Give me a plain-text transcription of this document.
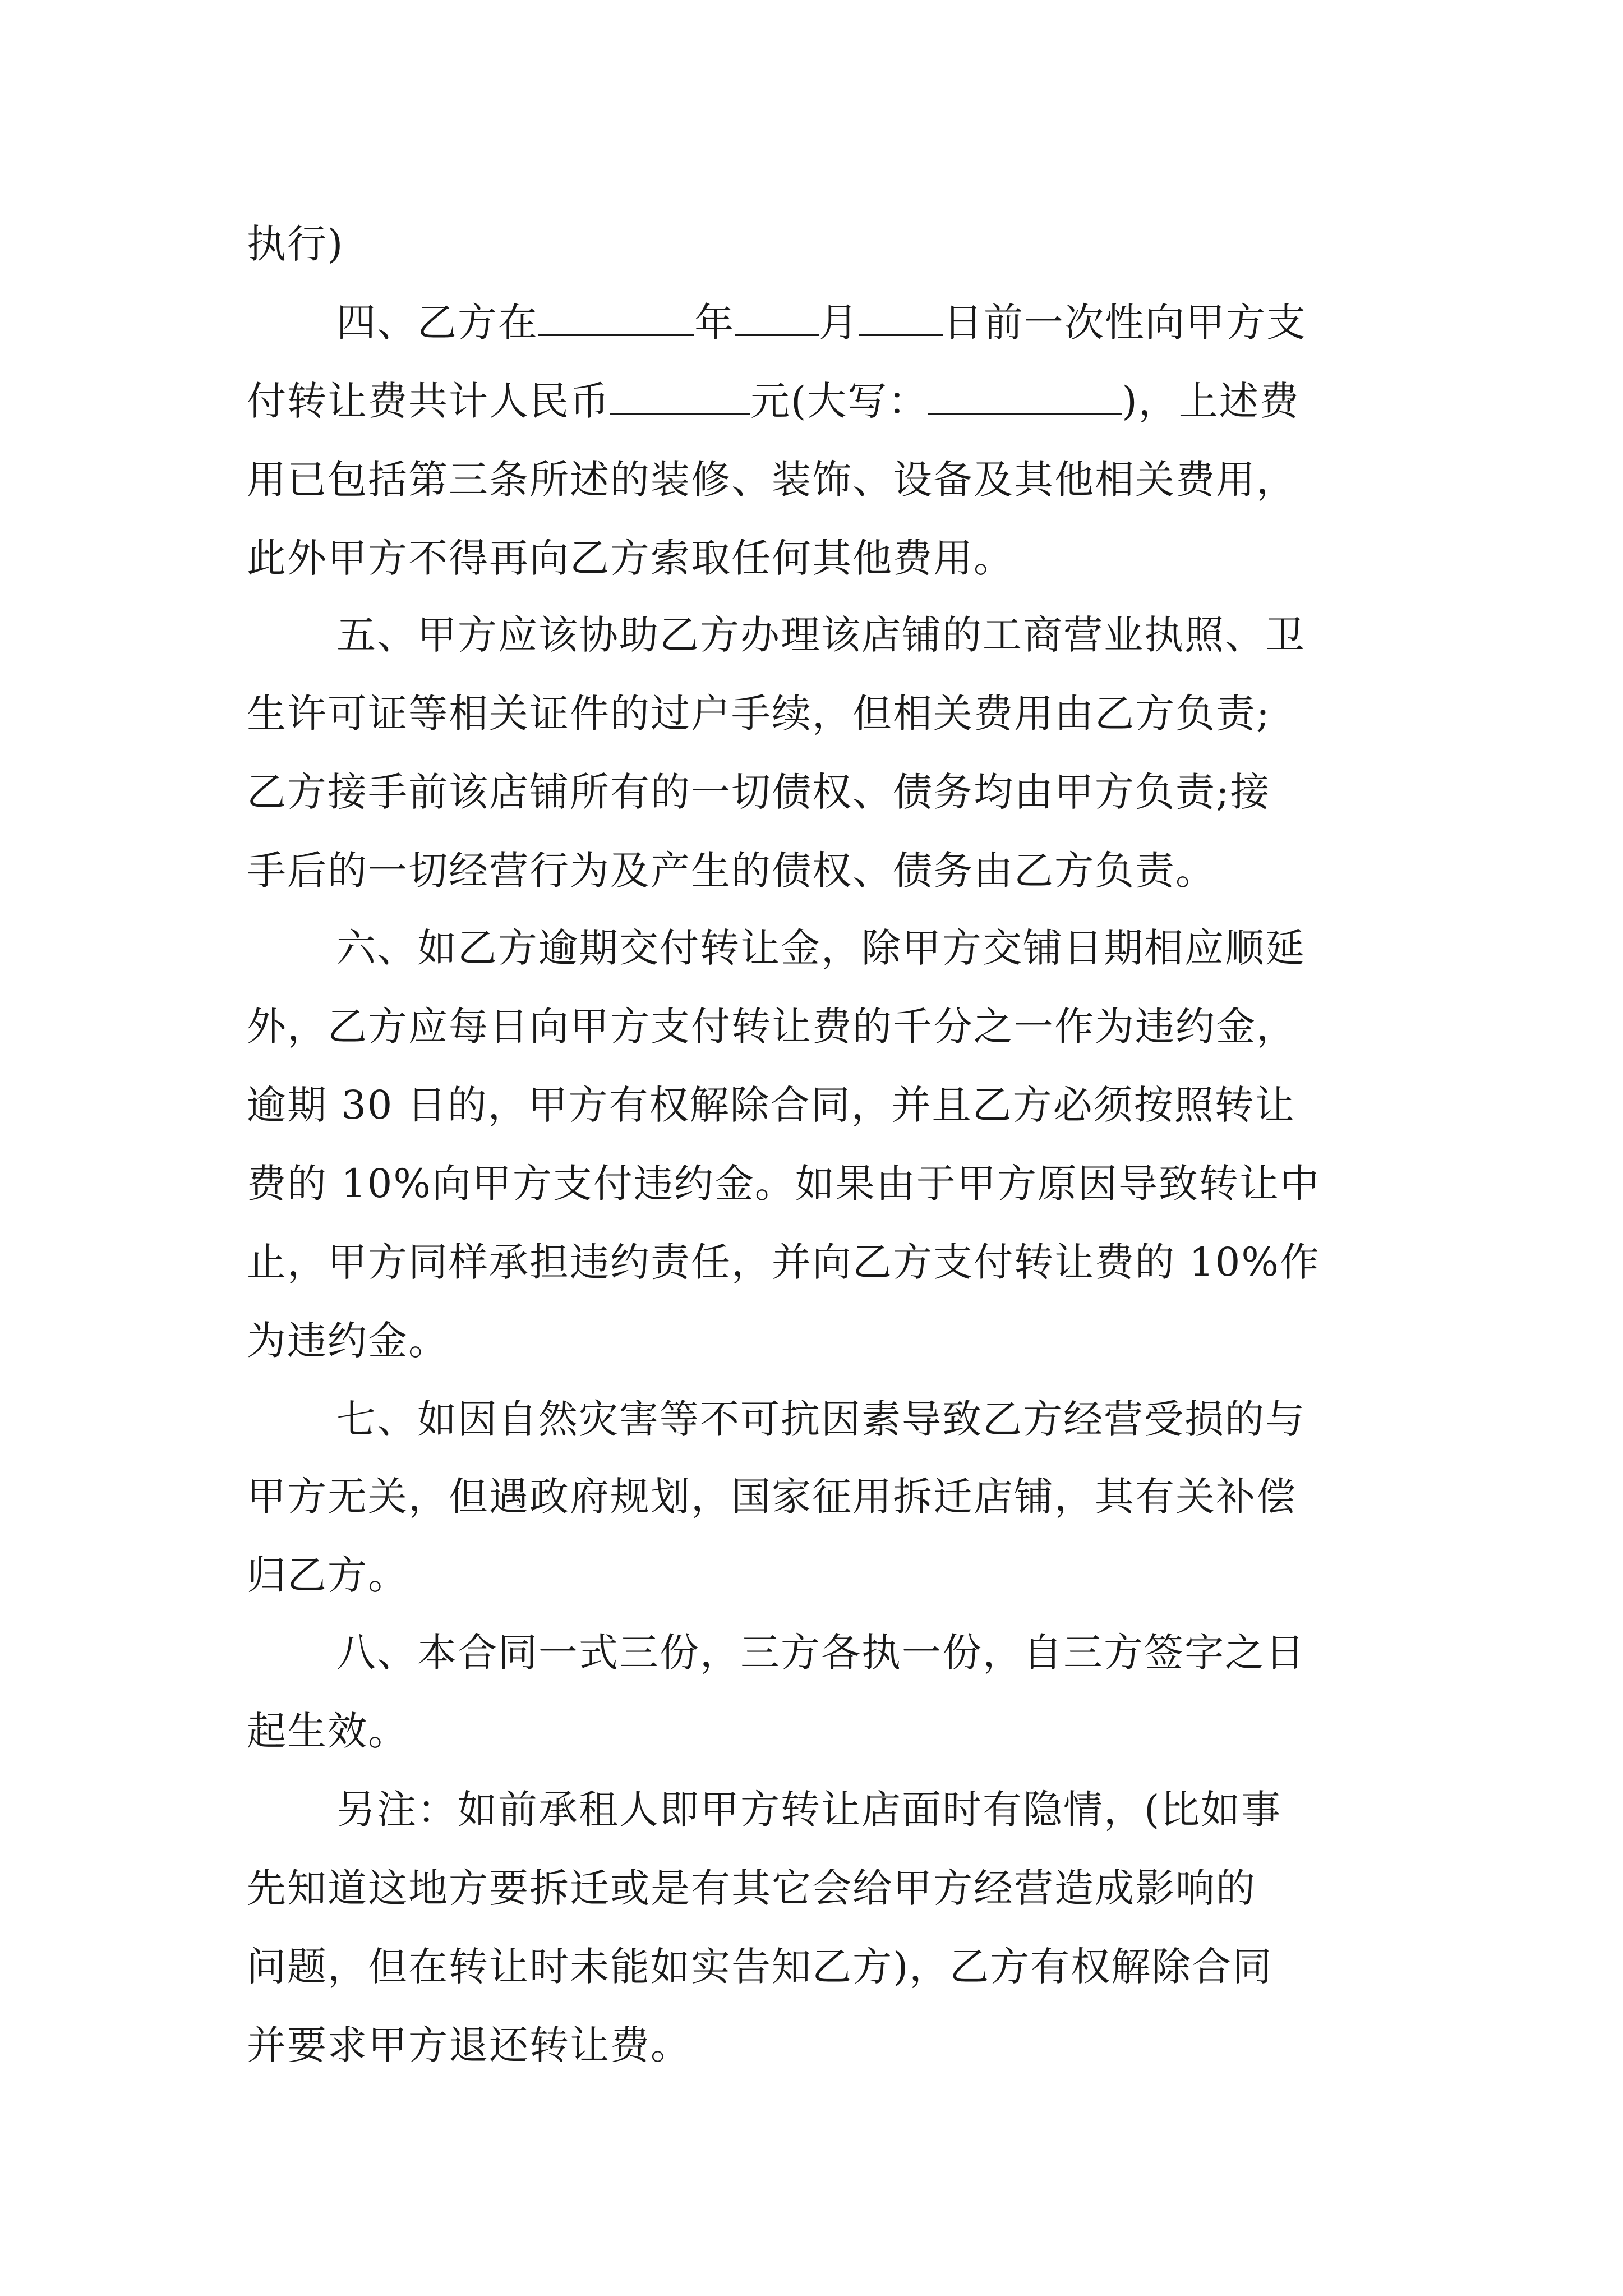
执行)
四、乙方在	年 月 日前一次性向甲方支
付转让费共计人民币	元(大写：	)，上述费
用已包括第三条所述的装修、装饰、设备及其他相关费用，
此外甲方不得再向乙方索取任何其他费用。
五、甲方应该协助乙方办理该店铺的工商营业执照、卫
生许可证等相关证件的过户手续，但相关费用由乙方负责;
乙方接手前该店铺所有的一切债权、债务均由甲方负责;接
手后的一切经营行为及产生的债权、债务由乙方负责。
六、如乙方逾期交付转让金，除甲方交铺日期相应顺延
外，乙方应每日向甲方支付转让费的千分之一作为违约金，
逾期 30 日的，甲方有权解除合同，并且乙方必须按照转让
费的 10%向甲方支付违约金。如果由于甲方原因导致转让中
止，甲方同样承担违约责任，并向乙方支付转让费的 10%作
为违约金。
七、如因自然灾害等不可抗因素导致乙方经营受损的与
甲方无关，但遇政府规划，国家征用拆迁店铺，其有关补偿
归乙方。
八、本合同一式三份，三方各执一份，自三方签字之日
起生效。
另注：如前承租人即甲方转让店面时有隐情，(比如事
先知道这地方要拆迁或是有其它会给甲方经营造成影响的
问题，但在转让时未能如实告知乙方)，乙方有权解除合同
并要求甲方退还转让费。
